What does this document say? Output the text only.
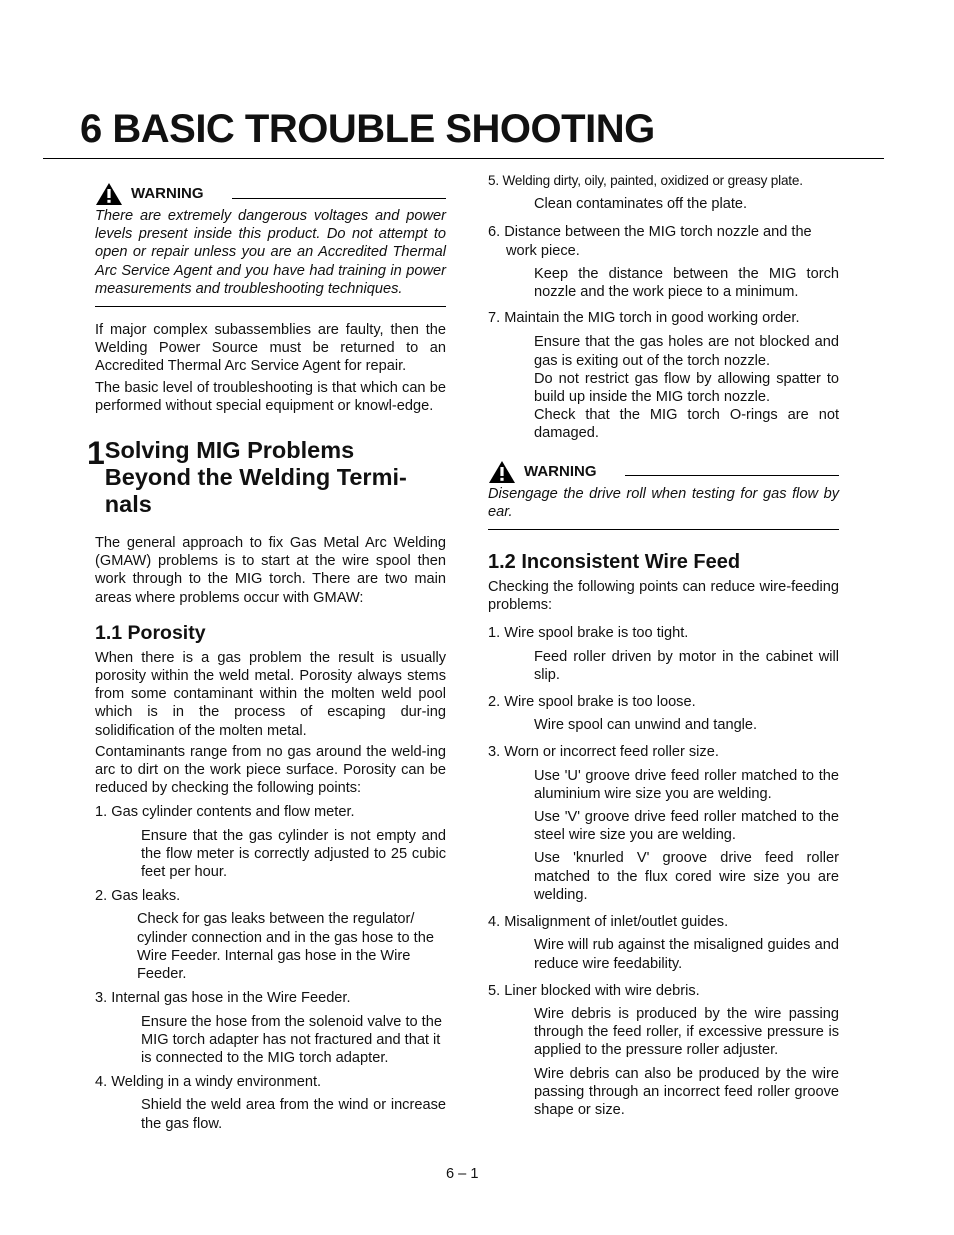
6 BASIC TROUBLE SHOOTING
WARNING

There are extremely dangerous voltages and power levels present inside this product. Do not attempt to open or repair unless you are an Accredited Thermal Arc Service Agent and you have had training in power measurements and troubleshooting techniques.

If major complex subassemblies are faulty, then the Welding Power Source must be returned to an Accredited Thermal Arc Service Agent for repair.

The basic level of troubleshooting is that which can be performed without special equipment or knowl-edge.

1 Solving MIG Problems Beyond the Welding Termi-nals

The general approach to fix Gas Metal Arc Welding (GMAW) problems is to start at the wire spool then work through to the MIG torch. There are two main areas where problems occur with GMAW:

1.1 Porosity

When there is a gas problem the result is usually porosity within the weld metal. Porosity always stems from some contaminant within the molten weld pool which is in the process of escaping dur-ing solidification of the molten metal.

Contaminants range from no gas around the weld-ing arc to dirt on the work piece surface. Porosity can be reduced by checking the following points:

1. Gas cylinder contents and flow meter.

Ensure that the gas cylinder is not empty and the flow meter is correctly adjusted to 25 cubic feet per hour.

2. Gas leaks.

Check for gas leaks between the regulator/ cylinder connection and in the gas hose to the Wire Feeder. Internal gas hose in the Wire Feeder.

3. Internal gas hose in the Wire Feeder.

Ensure the hose from the solenoid valve to the MIG torch adapter has not fractured and that it is connected to the MIG torch adapter.

4. Welding in a windy environment.

Shield the weld area from the wind or increase the gas flow.

5. Welding dirty, oily, painted, oxidized or greasy plate.

Clean contaminates off the plate.

6. Distance between the MIG torch nozzle and the work piece.

Keep the distance between the MIG torch nozzle and the work piece to a minimum.

7. Maintain the MIG torch in good working order.

Ensure that the gas holes are not blocked and gas is exiting out of the torch nozzle.

Do not restrict gas flow by allowing spatter to build up inside the MIG torch nozzle.

Check that the MIG torch O-rings are not damaged.

WARNING

Disengage the drive roll when testing for gas flow by ear.

1.2 Inconsistent Wire Feed

Checking the following points can reduce wire-feeding problems:

1. Wire spool brake is too tight.

Feed roller driven by motor in the cabinet will slip.

2. Wire spool brake is too loose.

Wire spool can unwind and tangle.

3. Worn or incorrect feed roller size.

Use 'U' groove drive feed roller matched to the aluminium wire size you are welding.

Use 'V' groove drive feed roller matched to the steel wire size you are welding.

Use 'knurled V' groove drive feed roller matched to the flux cored wire size you are welding.

4. Misalignment of inlet/outlet guides.

Wire will rub against the misaligned guides and reduce wire feedability.

5. Liner blocked with wire debris.

Wire debris is produced by the wire passing through the feed roller, if excessive pressure is applied to the pressure roller adjuster.

Wire debris can also be produced by the wire passing through an incorrect feed roller groove shape or size.

6 – 1
